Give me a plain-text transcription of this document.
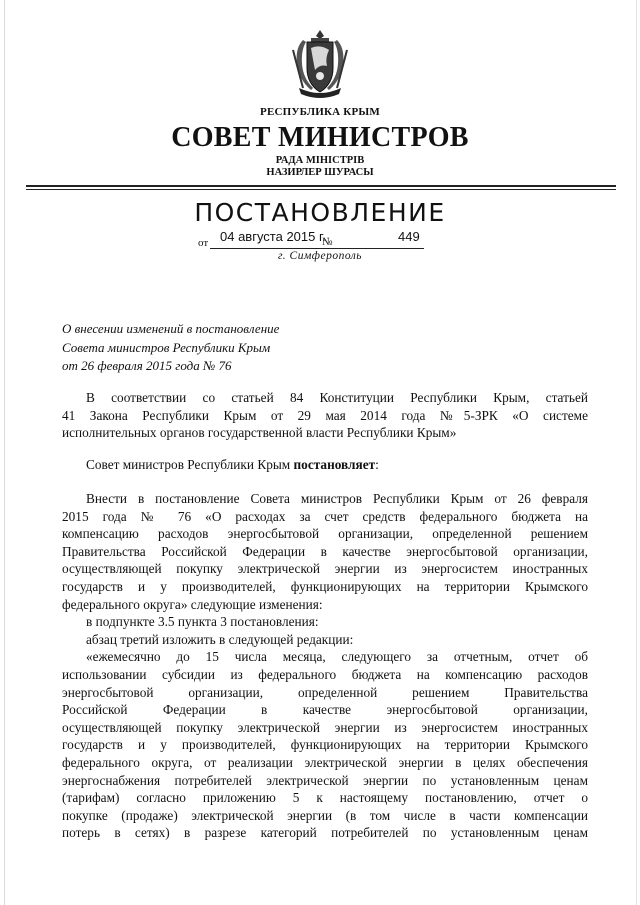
РЕСПУБЛИКА КРЫМ
СОВЕТ МИНИСТРОВ
РАДА МІНІСТРІВ
НАЗИРЛЕР ШУРАСЫ
ПОСТАНОВЛЕНИЕ
от 04 августа 2015 г.
№	449
г. Симферополь
О внесении изменений в постановление
Совета министров Республики Крым
от 26 февраля 2015 года № 76
В соответствии со статьей 84 Конституции Республики Крым, статьей
41 Закона Республики Крым от 29 мая 2014 года №5-ЗРК «О системе
исполнительных органов государственной власти Республики Крым»
Совет министров Республики Крым постановляет:
Внести в постановление Совета министров Республики Крым от 26 февраля
2015 года № 76 «О расходах за счет средств федерального бюджета на
компенсацию расходов энергосбытовой организации, определенной решением
Правительства Российской Федерации в качестве энергосбытовой организации,
осуществляющей покупку электрической энергии из энергосистем иностранных
государств и у производителей, функционирующих на территории Крымского
федерального округа» следующие изменения:
в подпункте 3.5 пункта 3 постановления:
абзац третий изложить в следующей редакции:
«ежемесячно до 15 числа месяца, следующего за отчетным, отчет об
использовании субсидии из федерального бюджета на компенсацию расходов
энергосбытовой организации, определенной решением Правительства
Российской Федерации в качестве энергосбытовой организации,
осуществляющей покупку электрической энергии из энергосистем иностранных
государств и у производителей, функционирующих на территории Крымского
федерального округа, от реализации электрической энергии в целях обеспечения
энергоснабжения потребителей электрической энергии по установленным ценам
(тарифам) согласно приложению 5 к настоящему постановлению, отчет о
покупке (продаже) электрической энергии (в том числе в части компенсации
потерь в сетях) в разрезе категорий потребителей по установленным ценам
